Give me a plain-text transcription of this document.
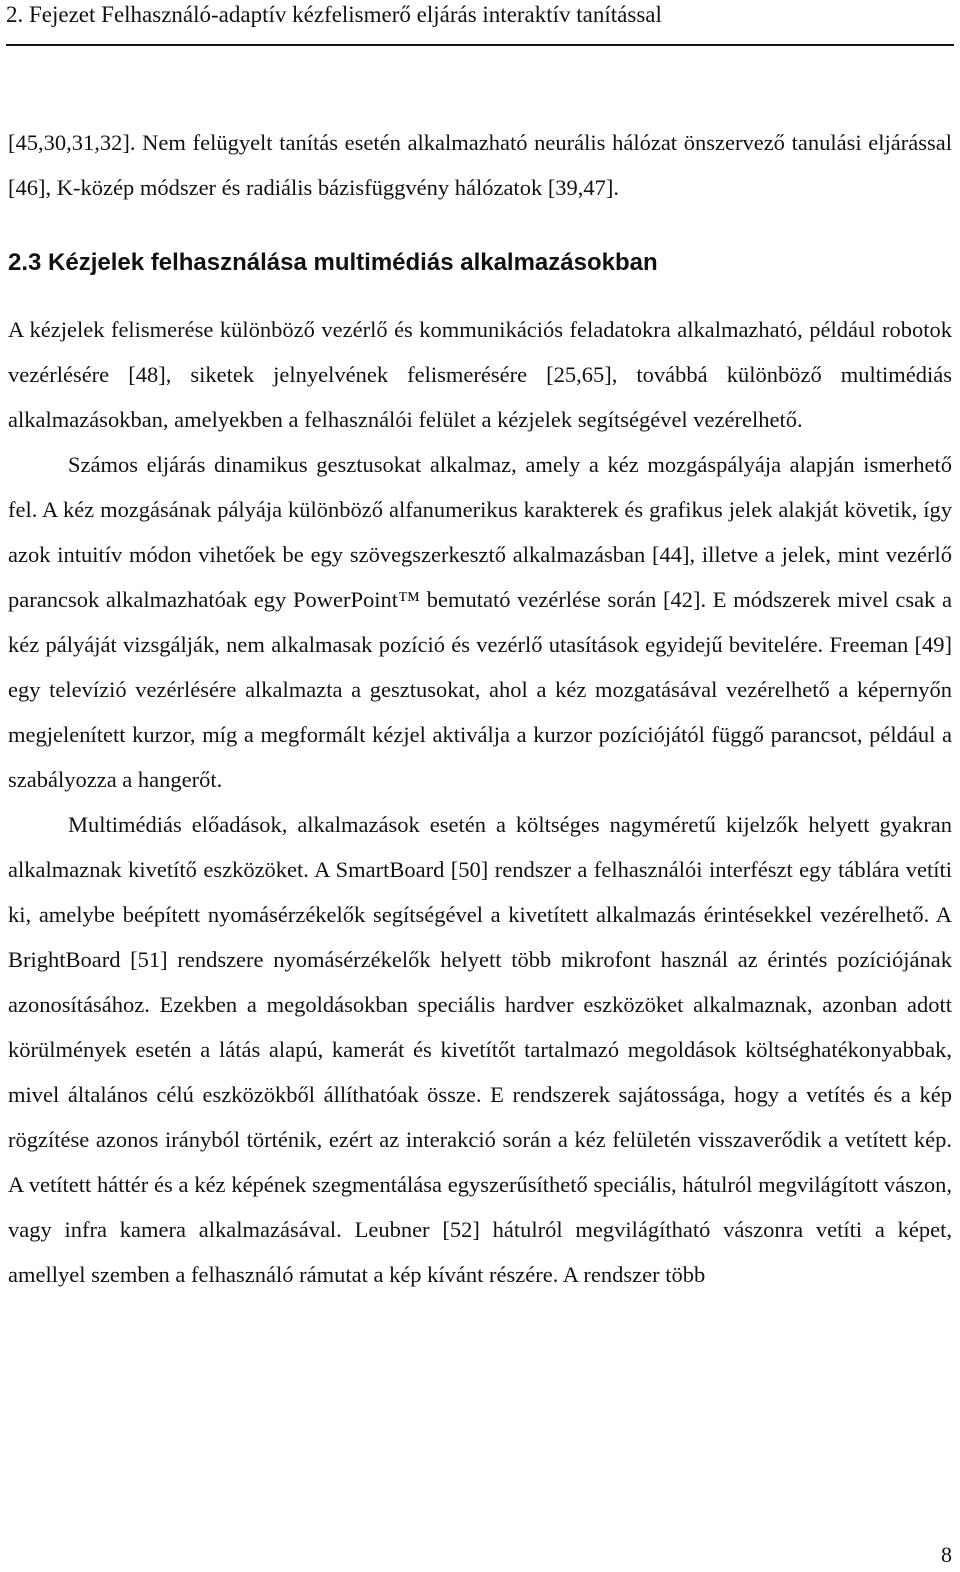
2. Fejezet Felhasználó-adaptív kézfelismerő eljárás interaktív tanítással

[45,30,31,32]. Nem felügyelt tanítás esetén alkalmazható neurális hálózat önszervező tanulási eljárással [46], K-közép módszer és radiális bázisfüggvény hálózatok [39,47].

2.3 Kézjelek felhasználása multimédiás alkalmazásokban

A kézjelek felismerése különböző vezérlő és kommunikációs feladatokra alkalmazható, például robotok vezérlésére [48], siketek jelnyelvének felismerésére [25,65], továbbá különböző multimédiás alkalmazásokban, amelyekben a felhasználói felület a kézjelek segítségével vezérelhető.

Számos eljárás dinamikus gesztusokat alkalmaz, amely a kéz mozgáspályája alapján ismerhető fel. A kéz mozgásának pályája különböző alfanumerikus karakterek és grafikus jelek alakját követik, így azok intuitív módon vihetőek be egy szövegszerkesztő alkalmazásban [44], illetve a jelek, mint vezérlő parancsok alkalmazhatóak egy PowerPoint™ bemutató vezérlése során [42]. E módszerek mivel csak a kéz pályáját vizsgálják, nem alkalmasak pozíció és vezérlő utasítások egyidejű bevitelére. Freeman [49] egy televízió vezérlésére alkalmazta a gesztusokat, ahol a kéz mozgatásával vezérelhető a képernyőn megjelenített kurzor, míg a megformált kézjel aktiválja a kurzor pozíciójától függő parancsot, például a szabályozza a hangerőt.

Multimédiás előadások, alkalmazások esetén a költséges nagyméretű kijelzők helyett gyakran alkalmaznak kivetítő eszközöket. A SmartBoard [50] rendszer a felhasználói interfészt egy táblára vetíti ki, amelybe beépített nyomásérzékelők segítségével a kivetített alkalmazás érintésekkel vezérelhető. A BrightBoard [51] rendszere nyomásérzékelők helyett több mikrofont használ az érintés pozíciójának azonosításához. Ezekben a megoldásokban speciális hardver eszközöket alkalmaznak, azonban adott körülmények esetén a látás alapú, kamerát és kivetítőt tartalmazó megoldások költséghatékonyabbak, mivel általános célú eszközökből állíthatóak össze. E rendszerek sajátossága, hogy a vetítés és a kép rögzítése azonos irányból történik, ezért az interakció során a kéz felületén visszaverődik a vetített kép. A vetített háttér és a kéz képének szegmentálása egyszerűsíthető speciális, hátulról megvilágított vászon, vagy infra kamera alkalmazásával. Leubner [52] hátulról megvilágítható vászonra vetíti a képet, amellyel szemben a felhasználó rámutat a kép kívánt részére. A rendszer több

8
